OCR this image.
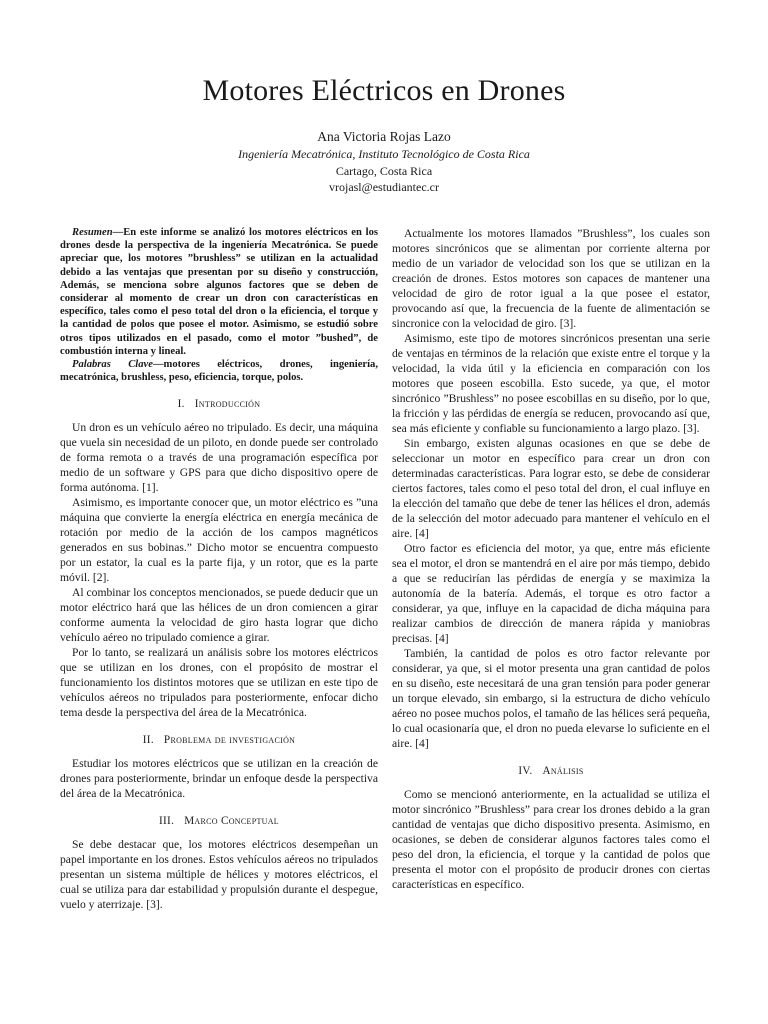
Motores Eléctricos en Drones
Ana Victoria Rojas Lazo
Ingeniería Mecatrónica, Instituto Tecnológico de Costa Rica
Cartago, Costa Rica
vrojasl@estudiantec.cr

Resumen—En este informe se analizó los motores eléctricos en los drones desde la perspectiva de la ingeniería Mecatrónica. Se puede apreciar que, los motores ”brushless” se utilizan en la actualidad debido a las ventajas que presentan por su diseño y construcción, Además, se menciona sobre algunos factores que se deben de considerar al momento de crear un dron con características en específico, tales como el peso total del dron o la eficiencia, el torque y la cantidad de polos que posee el motor. Asimismo, se estudió sobre otros tipos utilizados en el pasado, como el motor ”bushed”, de combustión interna y lineal.

Palabras Clave—motores eléctricos, drones, ingeniería, mecatrónica, brushless, peso, eficiencia, torque, polos.

I. Introducción

Un dron es un vehículo aéreo no tripulado. Es decir, una máquina que vuela sin necesidad de un piloto, en donde puede ser controlado de forma remota o a través de una programación específica por medio de un software y GPS para que dicho dispositivo opere de forma autónoma. [1].

Asimismo, es importante conocer que, un motor eléctrico es ”una máquina que convierte la energía eléctrica en energía mecánica de rotación por medio de la acción de los campos magnéticos generados en sus bobinas.” Dicho motor se encuentra compuesto por un estator, la cual es la parte fija, y un rotor, que es la parte móvil. [2].

Al combinar los conceptos mencionados, se puede deducir que un motor eléctrico hará que las hélices de un dron comiencen a girar conforme aumenta la velocidad de giro hasta lograr que dicho vehículo aéreo no tripulado comience a girar.

Por lo tanto, se realizará un análisis sobre los motores eléctricos que se utilizan en los drones, con el propósito de mostrar el funcionamiento los distintos motores que se utilizan en este tipo de vehículos aéreos no tripulados para posteriormente, enfocar dicho tema desde la perspectiva del área de la Mecatrónica.

II. Problema de investigación

Estudiar los motores eléctricos que se utilizan en la creación de drones para posteriormente, brindar un enfoque desde la perspectiva del área de la Mecatrónica.

III. Marco Conceptual

Se debe destacar que, los motores eléctricos desempeñan un papel importante en los drones. Estos vehículos aéreos no tripulados presentan un sistema múltiple de hélices y motores eléctricos, el cual se utiliza para dar estabilidad y propulsión durante el despegue, vuelo y aterrizaje. [3].

Actualmente los motores llamados ”Brushless”, los cuales son motores sincrónicos que se alimentan por corriente alterna por medio de un variador de velocidad son los que se utilizan en la creación de drones. Estos motores son capaces de mantener una velocidad de giro de rotor igual a la que posee el estator, provocando así que, la frecuencia de la fuente de alimentación se sincronice con la velocidad de giro. [3].

Asimismo, este tipo de motores sincrónicos presentan una serie de ventajas en términos de la relación que existe entre el torque y la velocidad, la vida útil y la eficiencia en comparación con los motores que poseen escobilla. Esto sucede, ya que, el motor sincrónico ”Brushless” no posee escobillas en su diseño, por lo que, la fricción y las pérdidas de energía se reducen, provocando así que, sea más eficiente y confiable su funcionamiento a largo plazo. [3].

Sin embargo, existen algunas ocasiones en que se debe de seleccionar un motor en específico para crear un dron con determinadas características. Para lograr esto, se debe de considerar ciertos factores, tales como el peso total del dron, el cual influye en la elección del tamaño que debe de tener las hélices el dron, además de la selección del motor adecuado para mantener el vehículo en el aire. [4]

Otro factor es eficiencia del motor, ya que, entre más eficiente sea el motor, el dron se mantendrá en el aire por más tiempo, debido a que se reducirían las pérdidas de energía y se maximiza la autonomía de la batería. Además, el torque es otro factor a considerar, ya que, influye en la capacidad de dicha máquina para realizar cambios de dirección de manera rápida y maniobras precisas. [4]

También, la cantidad de polos es otro factor relevante por considerar, ya que, si el motor presenta una gran cantidad de polos en su diseño, este necesitará de una gran tensión para poder generar un torque elevado, sin embargo, si la estructura de dicho vehículo aéreo no posee muchos polos, el tamaño de las hélices será pequeña, lo cual ocasionaría que, el dron no pueda elevarse lo suficiente en el aire. [4]

IV. Análisis

Como se mencionó anteriormente, en la actualidad se utiliza el motor sincrónico ”Brushless” para crear los drones debido a la gran cantidad de ventajas que dicho dispositivo presenta. Asimismo, en ocasiones, se deben de considerar algunos factores tales como el peso del dron, la eficiencia, el torque y la cantidad de polos que presenta el motor con el propósito de producir drones con ciertas características en específico.
